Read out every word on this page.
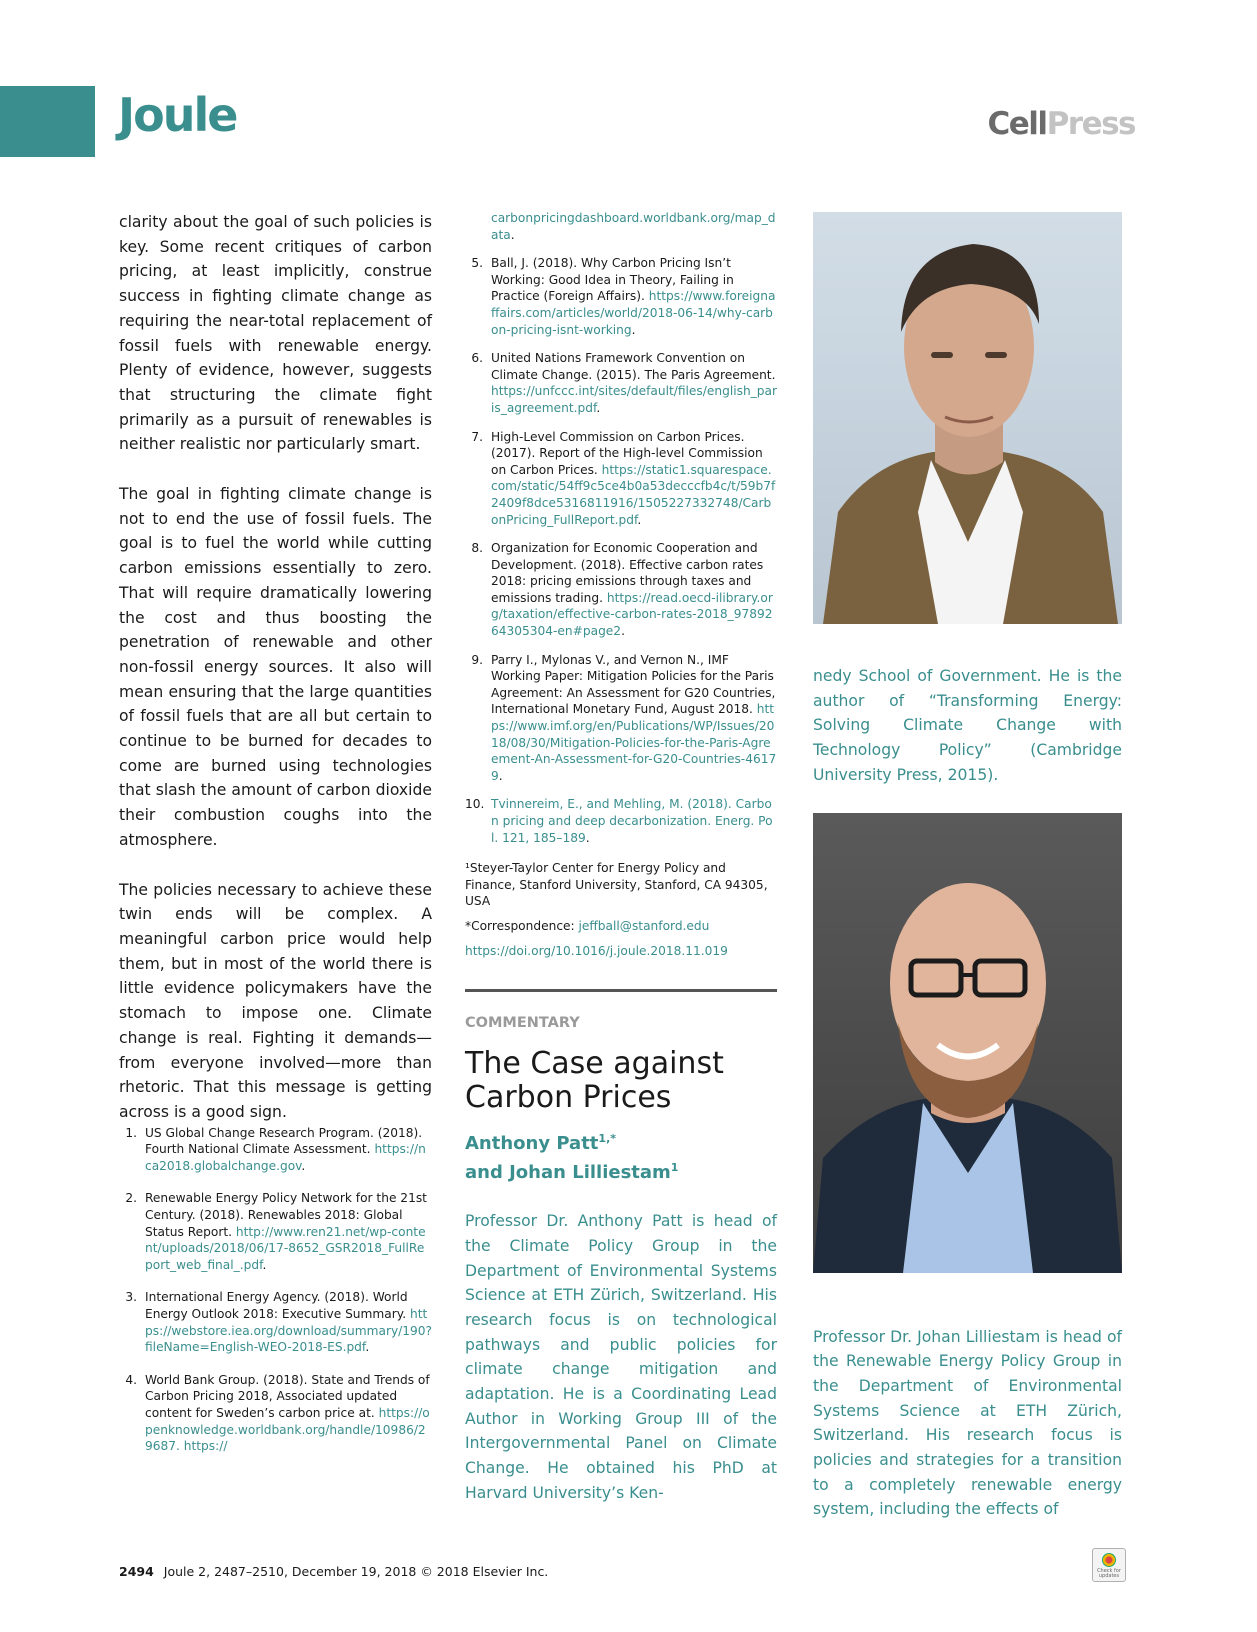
Joule	CellPress

clarity about the goal of such policies is key. Some recent critiques of carbon pricing, at least implicitly, construe success in fighting climate change as requiring the near-total replacement of fossil fuels with renewable energy. Plenty of evidence, however, suggests that structuring the climate fight primarily as a pursuit of renewables is neither realistic nor particularly smart.

The goal in fighting climate change is not to end the use of fossil fuels. The goal is to fuel the world while cutting carbon emissions essentially to zero. That will require dramatically lowering the cost and thus boosting the penetration of renewable and other non-fossil energy sources. It also will mean ensuring that the large quantities of fossil fuels that are all but certain to continue to be burned for decades to come are burned using technologies that slash the amount of carbon dioxide their combustion coughs into the atmosphere.

The policies necessary to achieve these twin ends will be complex. A meaningful carbon price would help them, but in most of the world there is little evidence policymakers have the stomach to impose one. Climate change is real. Fighting it demands—from everyone involved—more than rhetoric. That this message is getting across is a good sign.

1. US Global Change Research Program. (2018). Fourth National Climate Assessment. https://nca2018.globalchange.gov.
2. Renewable Energy Policy Network for the 21st Century. (2018). Renewables 2018: Global Status Report. http://www.ren21.net/wp-content/uploads/2018/06/17-8652_GSR2018_FullReport_web_final_.pdf.
3. International Energy Agency. (2018). World Energy Outlook 2018: Executive Summary. https://webstore.iea.org/download/summary/190?fileName=English-WEO-2018-ES.pdf.
4. World Bank Group. (2018). State and Trends of Carbon Pricing 2018, Associated updated content for Sweden’s carbon price at. https://openknowledge.worldbank.org/handle/10986/29687. https://
carbonpricingdashboard.worldbank.org/map_data.
5. Ball, J. (2018). Why Carbon Pricing Isn’t Working: Good Idea in Theory, Failing in Practice (Foreign Affairs). https://www.foreignaffairs.com/articles/world/2018-06-14/why-carbon-pricing-isnt-working.
6. United Nations Framework Convention on Climate Change. (2015). The Paris Agreement. https://unfccc.int/sites/default/files/english_paris_agreement.pdf.
7. High-Level Commission on Carbon Prices. (2017). Report of the High-level Commission on Carbon Prices. https://static1.squarespace.com/static/54ff9c5ce4b0a53decccfb4c/t/59b7f2409f8dce5316811916/1505227332748/CarbonPricing_FullReport.pdf.
8. Organization for Economic Cooperation and Development. (2018). Effective carbon rates 2018: pricing emissions through taxes and emissions trading. https://read.oecd-ilibrary.org/taxation/effective-carbon-rates-2018_9789264305304-en#page2.
9. Parry I., Mylonas V., and Vernon N., IMF Working Paper: Mitigation Policies for the Paris Agreement: An Assessment for G20 Countries, International Monetary Fund, August 2018. https://www.imf.org/en/Publications/WP/Issues/2018/08/30/Mitigation-Policies-for-the-Paris-Agreement-An-Assessment-for-G20-Countries-46179.
10. Tvinnereim, E., and Mehling, M. (2018). Carbon pricing and deep decarbonization. Energ. Pol. 121, 185–189.

¹Steyer-Taylor Center for Energy Policy and Finance, Stanford University, Stanford, CA 94305, USA

*Correspondence: jeffball@stanford.edu

https://doi.org/10.1016/j.joule.2018.11.019

COMMENTARY

The Case against
Carbon Prices

Anthony Patt$^{1,*}$
and Johan Lilliestam$^1$

Professor Dr. Anthony Patt is head of the Climate Policy Group in the Department of Environmental Systems Science at ETH Zürich, Switzerland. His research focus is on technological pathways and public policies for climate change mitigation and adaptation. He is a Coordinating Lead Author in Working Group III of the Intergovernmental Panel on Climate Change. He obtained his PhD at Harvard University’s Ken-

nedy School of Government. He is the author of “Transforming Energy: Solving Climate Change with Technology Policy” (Cambridge University Press, 2015).

Professor Dr. Johan Lilliestam is head of the Renewable Energy Policy Group in the Department of Environmental Systems Science at ETH Zürich, Switzerland. His research focus is policies and strategies for a transition to a completely renewable energy system, including the effects of

2494 Joule 2, 2487–2510, December 19, 2018 © 2018 Elsevier Inc.	Check for updates
